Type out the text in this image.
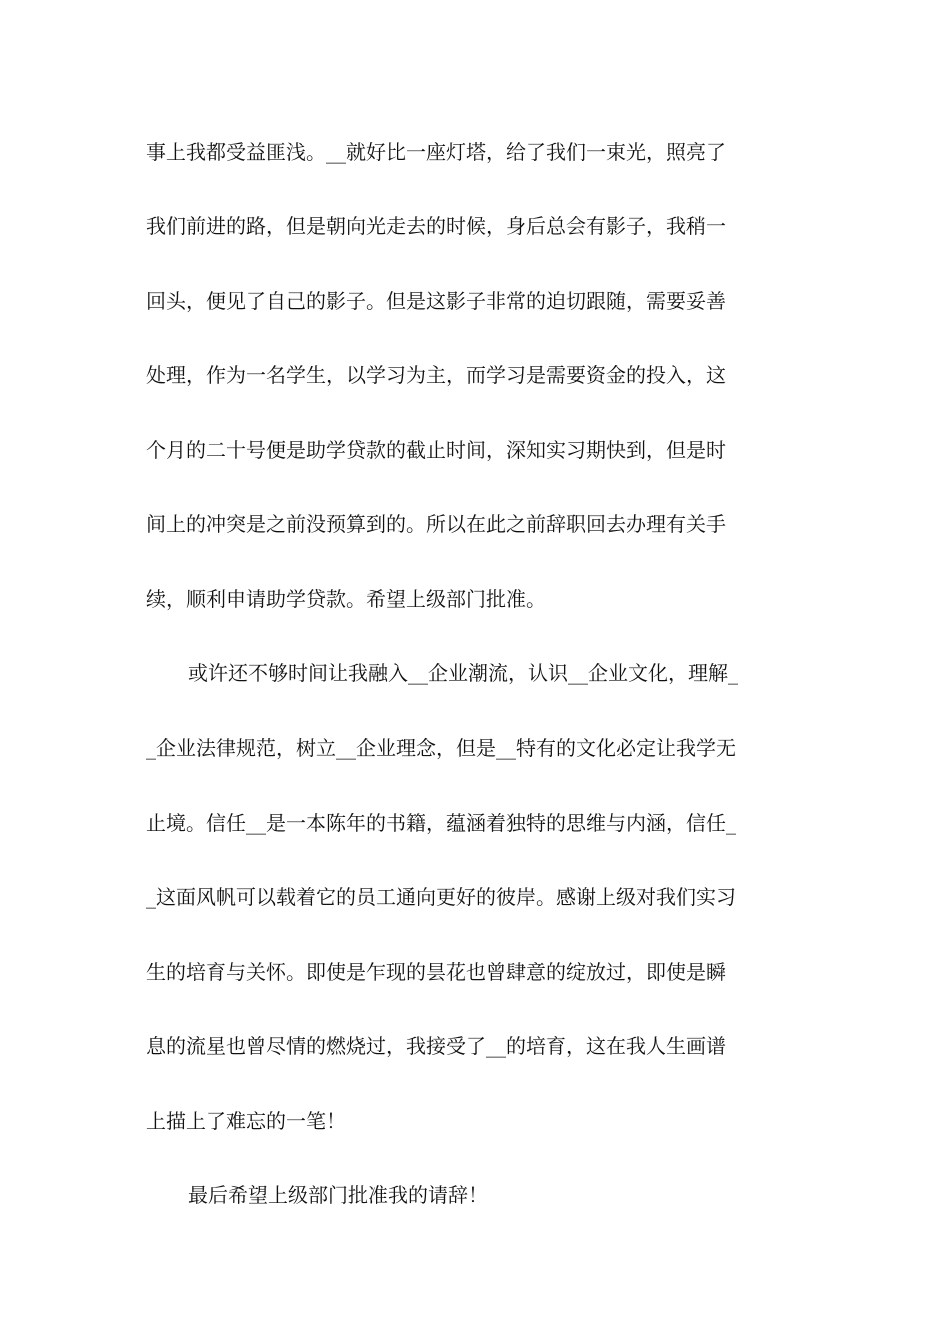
事上我都受益匪浅。__就好比一座灯塔，给了我们一束光，照亮了
我们前进的路，但是朝向光走去的时候，身后总会有影子，我稍一
回头，便见了自己的影子。但是这影子非常的迫切跟随，需要妥善
处理，作为一名学生，以学习为主，而学习是需要资金的投入，这
个月的二十号便是助学贷款的截止时间，深知实习期快到，但是时
间上的冲突是之前没预算到的。所以在此之前辞职回去办理有关手
续，顺利申请助学贷款。希望上级部门批准。
或许还不够时间让我融入__企业潮流，认识__企业文化，理解_
_企业法律规范，树立__企业理念，但是__特有的文化必定让我学无
止境。信任__是一本陈年的书籍，蕴涵着独特的思维与内涵，信任_
_这面风帆可以载着它的员工通向更好的彼岸。感谢上级对我们实习
生的培育与关怀。即使是乍现的昙花也曾肆意的绽放过，即使是瞬
息的流星也曾尽情的燃烧过，我接受了__的培育，这在我人生画谱
上描上了难忘的一笔！
最后希望上级部门批准我的请辞！
